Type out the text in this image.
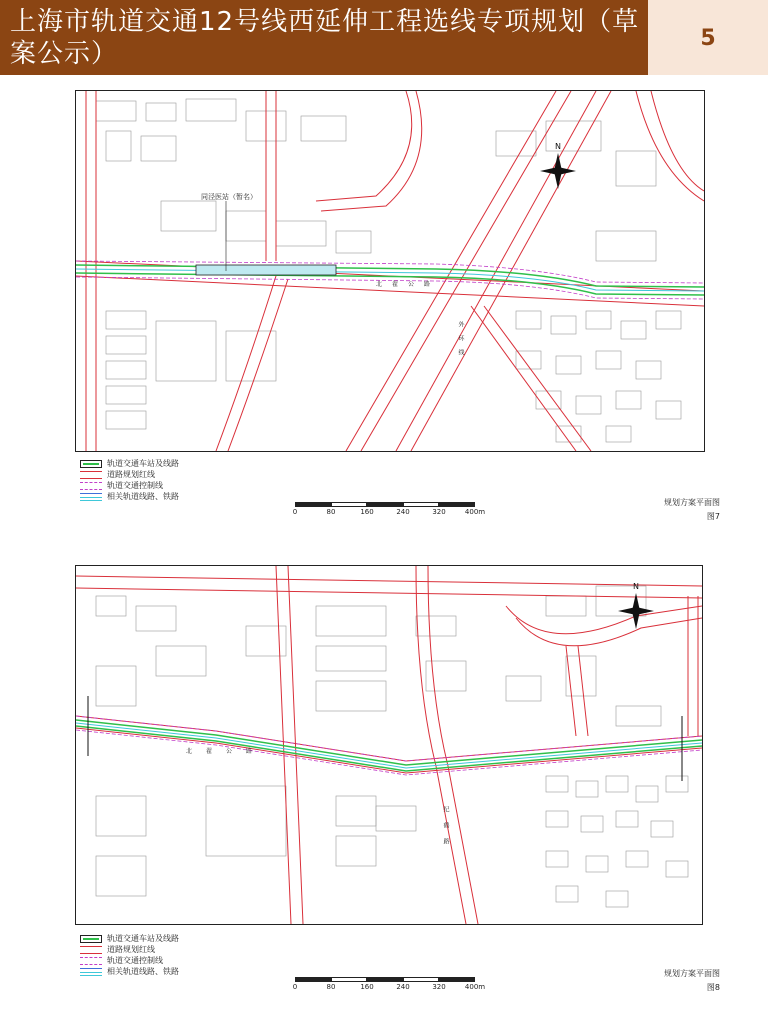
上海市轨道交通12号线西延伸工程选线专项规划（草案公示）
5
N
同泾医站（暂名）
北翟公路
外环线
轨道交通车站及线路
道路规划红线
轨道交通控制线
相关轨道线路、铁路
0	80	160	240	320	400m
规划方案平面图
图7
N
北翟公路
纪鹤路
轨道交通车站及线路
道路规划红线
轨道交通控制线
相关轨道线路、铁路
0	80	160	240	320	400m
规划方案平面图
图8
